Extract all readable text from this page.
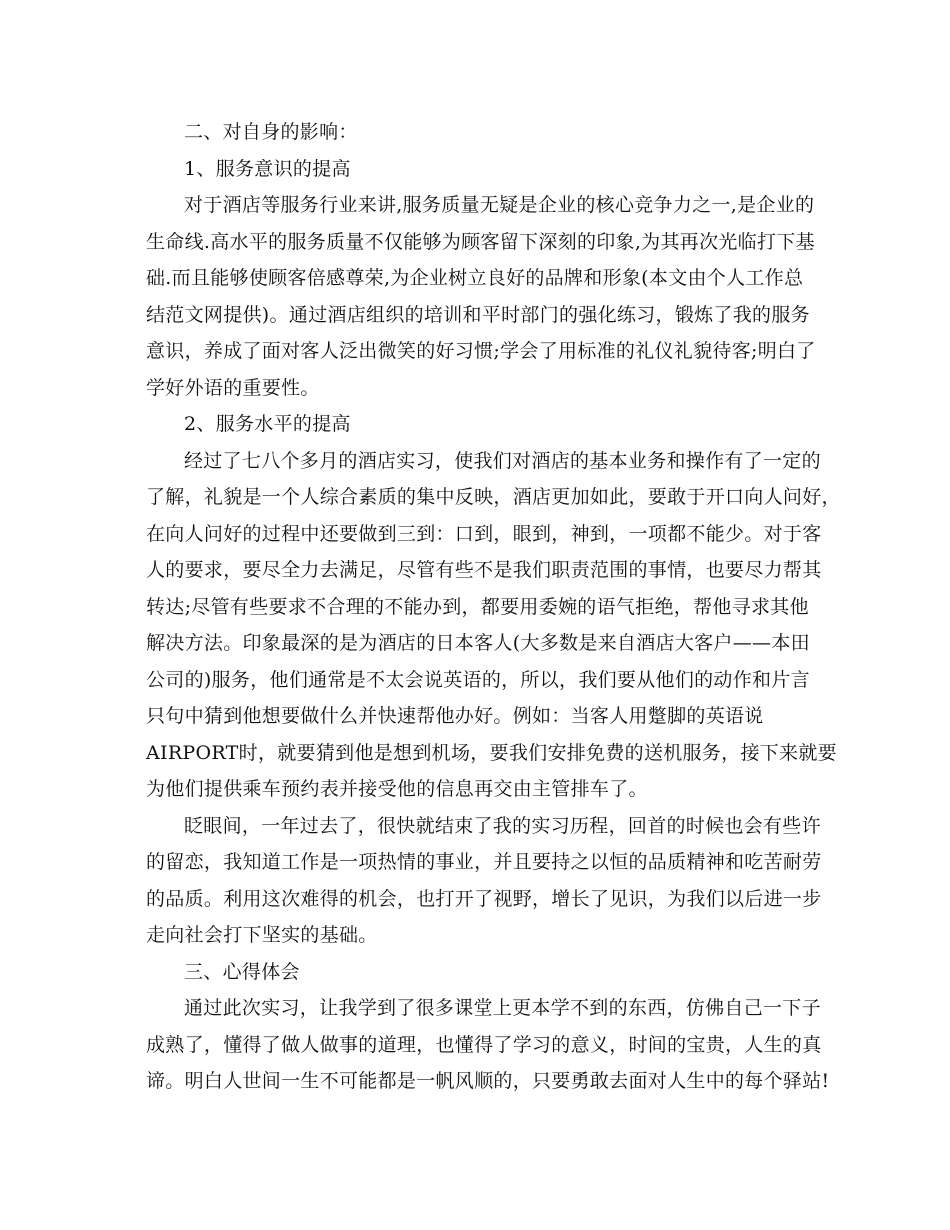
二、对自身的影响：
1、服务意识的提高
对于酒店等服务行业来讲,服务质量无疑是企业的核心竞争力之一,是企业的
生命线.高水平的服务质量不仅能够为顾客留下深刻的印象,为其再次光临打下基
础.而且能够使顾客倍感尊荣,为企业树立良好的品牌和形象(本文由个人工作总
结范文网提供)。通过酒店组织的培训和平时部门的强化练习，锻炼了我的服务
意识，养成了面对客人泛出微笑的好习惯;学会了用标准的礼仪礼貌待客;明白了
学好外语的重要性。
2、服务水平的提高
经过了七八个多月的酒店实习，使我们对酒店的基本业务和操作有了一定的
了解，礼貌是一个人综合素质的集中反映，酒店更加如此，要敢于开口向人问好，
在向人问好的过程中还要做到三到：口到，眼到，神到，一项都不能少。对于客
人的要求，要尽全力去满足，尽管有些不是我们职责范围的事情，也要尽力帮其
转达;尽管有些要求不合理的不能办到，都要用委婉的语气拒绝，帮他寻求其他
解决方法。印象最深的是为酒店的日本客人(大多数是来自酒店大客户——本田
公司的)服务，他们通常是不太会说英语的，所以，我们要从他们的动作和片言
只句中猜到他想要做什么并快速帮他办好。例如：当客人用蹩脚的英语说
AIRPORT时，就要猜到他是想到机场，要我们安排免费的送机服务，接下来就要
为他们提供乘车预约表并接受他的信息再交由主管排车了。
眨眼间，一年过去了，很快就结束了我的实习历程，回首的时候也会有些许
的留恋，我知道工作是一项热情的事业，并且要持之以恒的品质精神和吃苦耐劳
的品质。利用这次难得的机会，也打开了视野，增长了见识，为我们以后进一步
走向社会打下坚实的基础。
三、心得体会
通过此次实习，让我学到了很多课堂上更本学不到的东西，仿佛自己一下子
成熟了，懂得了做人做事的道理，也懂得了学习的意义，时间的宝贵，人生的真
谛。明白人世间一生不可能都是一帆风顺的，只要勇敢去面对人生中的每个驿站!
